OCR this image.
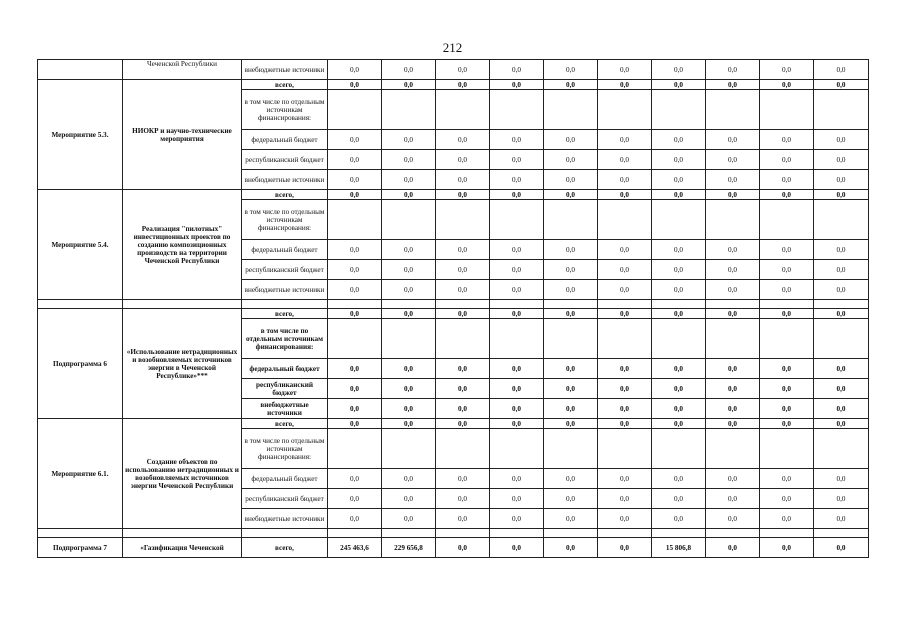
212
	Чеченской Республики	внебюджетные источники	0,0	0,0	0,0	0,0	0,0	0,0	0,0	0,0	0,0	0,0
Мероприятие 5.3.	НИОКР и научно-технические мероприятия	всего,	0,0	0,0	0,0	0,0	0,0	0,0	0,0	0,0	0,0	0,0
		в том числе по отдельным источникам финансирования:										
		федеральный бюджет	0,0	0,0	0,0	0,0	0,0	0,0	0,0	0,0	0,0	0,0
		республиканский бюджет	0,0	0,0	0,0	0,0	0,0	0,0	0,0	0,0	0,0	0,0
		внебюджетные источники	0,0	0,0	0,0	0,0	0,0	0,0	0,0	0,0	0,0	0,0
Мероприятие 5.4.	Реализация "пилотных" инвестиционных проектов по созданию композиционных производств на территории Чеченской Республики	всего,	0,0	0,0	0,0	0,0	0,0	0,0	0,0	0,0	0,0	0,0
		в том числе по отдельным источникам финансирования:										
		федеральный бюджет	0,0	0,0	0,0	0,0	0,0	0,0	0,0	0,0	0,0	0,0
		республиканский бюджет	0,0	0,0	0,0	0,0	0,0	0,0	0,0	0,0	0,0	0,0
		внебюджетные источники	0,0	0,0	0,0	0,0	0,0	0,0	0,0	0,0	0,0	0,0

Подпрограмма 6	«Использование нетрадиционных и возобновляемых источников энергии в Чеченской Республике»***	всего,	0,0	0,0	0,0	0,0	0,0	0,0	0,0	0,0	0,0	0,0
		в том числе по отдельным источникам финансирования:										
		федеральный бюджет	0,0	0,0	0,0	0,0	0,0	0,0	0,0	0,0	0,0	0,0
		республиканский бюджет	0,0	0,0	0,0	0,0	0,0	0,0	0,0	0,0	0,0	0,0
		внебюджетные источники	0,0	0,0	0,0	0,0	0,0	0,0	0,0	0,0	0,0	0,0
Мероприятие 6.1.	Создание объектов по использованию нетрадиционных и возобновляемых источников энергии Чеченской Республики	всего,	0,0	0,0	0,0	0,0	0,0	0,0	0,0	0,0	0,0	0,0
		в том числе по отдельным источникам финансирования:										
		федеральный бюджет	0,0	0,0	0,0	0,0	0,0	0,0	0,0	0,0	0,0	0,0
		республиканский бюджет	0,0	0,0	0,0	0,0	0,0	0,0	0,0	0,0	0,0	0,0
		внебюджетные источники	0,0	0,0	0,0	0,0	0,0	0,0	0,0	0,0	0,0	0,0

Подпрограмма 7	«Газификация Чеченской	всего,	245 463,6	229 656,8	0,0	0,0	0,0	0,0	15 806,8	0,0	0,0	0,0
